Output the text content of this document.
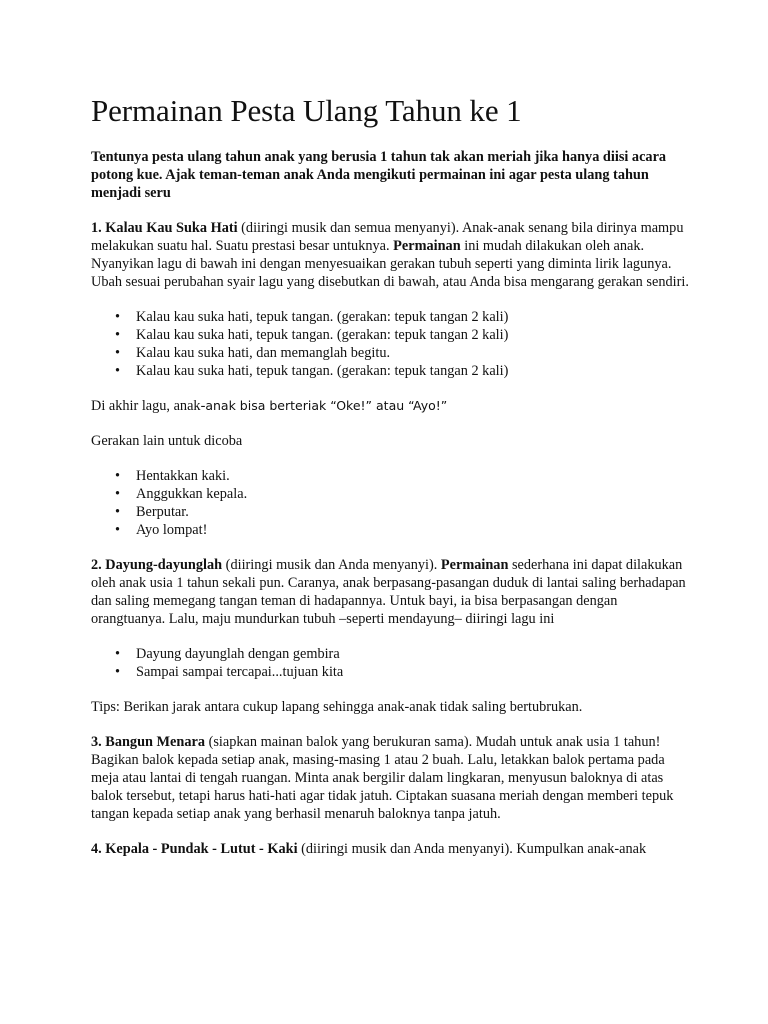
Permainan Pesta Ulang Tahun ke 1

Tentunya pesta ulang tahun anak yang berusia 1 tahun tak akan meriah jika hanya diisi acara potong kue. Ajak teman-teman anak Anda mengikuti permainan ini agar pesta ulang tahun menjadi seru

1. Kalau Kau Suka Hati (diiringi musik dan semua menyanyi). Anak-anak senang bila dirinya mampu melakukan suatu hal. Suatu prestasi besar untuknya. Permainan ini mudah dilakukan oleh anak. Nyanyikan lagu di bawah ini dengan menyesuaikan gerakan tubuh seperti yang diminta lirik lagunya. Ubah sesuai perubahan syair lagu yang disebutkan di bawah, atau Anda bisa mengarang gerakan sendiri.

• Kalau kau suka hati, tepuk tangan. (gerakan: tepuk tangan 2 kali)
• Kalau kau suka hati, tepuk tangan. (gerakan: tepuk tangan 2 kali)
• Kalau kau suka hati, dan memanglah begitu.
• Kalau kau suka hati, tepuk tangan. (gerakan: tepuk tangan 2 kali)

Di akhir lagu, anak-anak bisa berteriak “Oke!” atau “Ayo!”

Gerakan lain untuk dicoba

• Hentakkan kaki.
• Anggukkan kepala.
• Berputar.
• Ayo lompat!

2. Dayung-dayunglah (diiringi musik dan Anda menyanyi). Permainan sederhana ini dapat dilakukan oleh anak usia 1 tahun sekali pun. Caranya, anak berpasang-pasangan duduk di lantai saling berhadapan dan saling memegang tangan teman di hadapannya. Untuk bayi, ia bisa berpasangan dengan orangtuanya. Lalu, maju mundurkan tubuh –seperti mendayung– diiringi lagu ini

• Dayung dayunglah dengan gembira
• Sampai sampai tercapai...tujuan kita

Tips: Berikan jarak antara cukup lapang sehingga anak-anak tidak saling bertubrukan.

3. Bangun Menara (siapkan mainan balok yang berukuran sama). Mudah untuk anak usia 1 tahun! Bagikan balok kepada setiap anak, masing-masing 1 atau 2 buah. Lalu, letakkan balok pertama pada meja atau lantai di tengah ruangan. Minta anak bergilir dalam lingkaran, menyusun baloknya di atas balok tersebut, tetapi harus hati-hati agar tidak jatuh. Ciptakan suasana meriah dengan memberi tepuk tangan kepada setiap anak yang berhasil menaruh baloknya tanpa jatuh.

4. Kepala - Pundak - Lutut - Kaki (diiringi musik dan Anda menyanyi). Kumpulkan anak-anak
